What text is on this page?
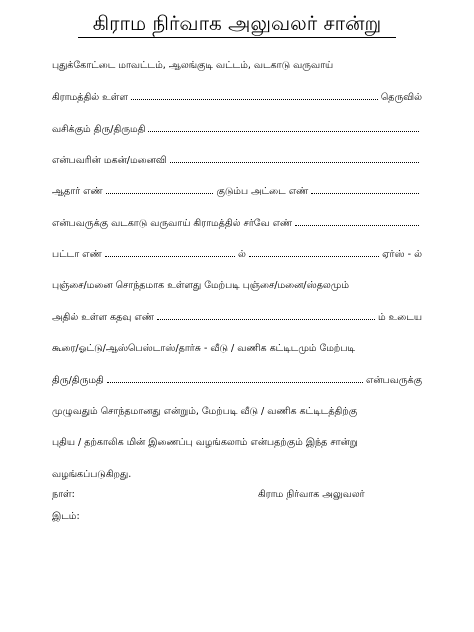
கிராம நிர்வாக அலுவலர் சான்று
புதுக்கோட்டை மாவட்டம், ஆலங்குடி வட்டம், வடகாடு வருவாய்
கிராமத்தில் உள்ள	தெருவில்
வசிக்கும் திரு/திருமதி
என்பவரின் மகன்/மனைவி
ஆதார் எண்	குடும்ப அட்டை எண்
என்பவருக்கு வடகாடு வருவாய் கிராமத்தில் சர்வே எண்
பட்டா எண்	ல்	ஏர்ஸ் - ல்
புஞ்சை/மனை சொந்தமாக உள்ளது மேற்படி புஞ்சை/மனை/ஸ்தலமும்
அதில் உள்ள கதவு எண்	ம் உடைய
கூரை/ஓட்டு/ஆஸ்பெஸ்டாஸ்/தார்சு - வீடு / வணிக கட்டிடமும் மேற்படி
திரு/திருமதி	என்பவருக்கு
முழுவதும் சொந்தமானது என்றும், மேற்படி வீடு / வணிக கட்டிடத்திற்கு
புதிய / தற்காலிக மின் இணைப்பு வழங்கலாம் என்பதற்கும் இந்த சான்று
வழங்கப்படுகிறது.
நாள்:	கிராம நிர்வாக அலுவலர்
இடம்:
